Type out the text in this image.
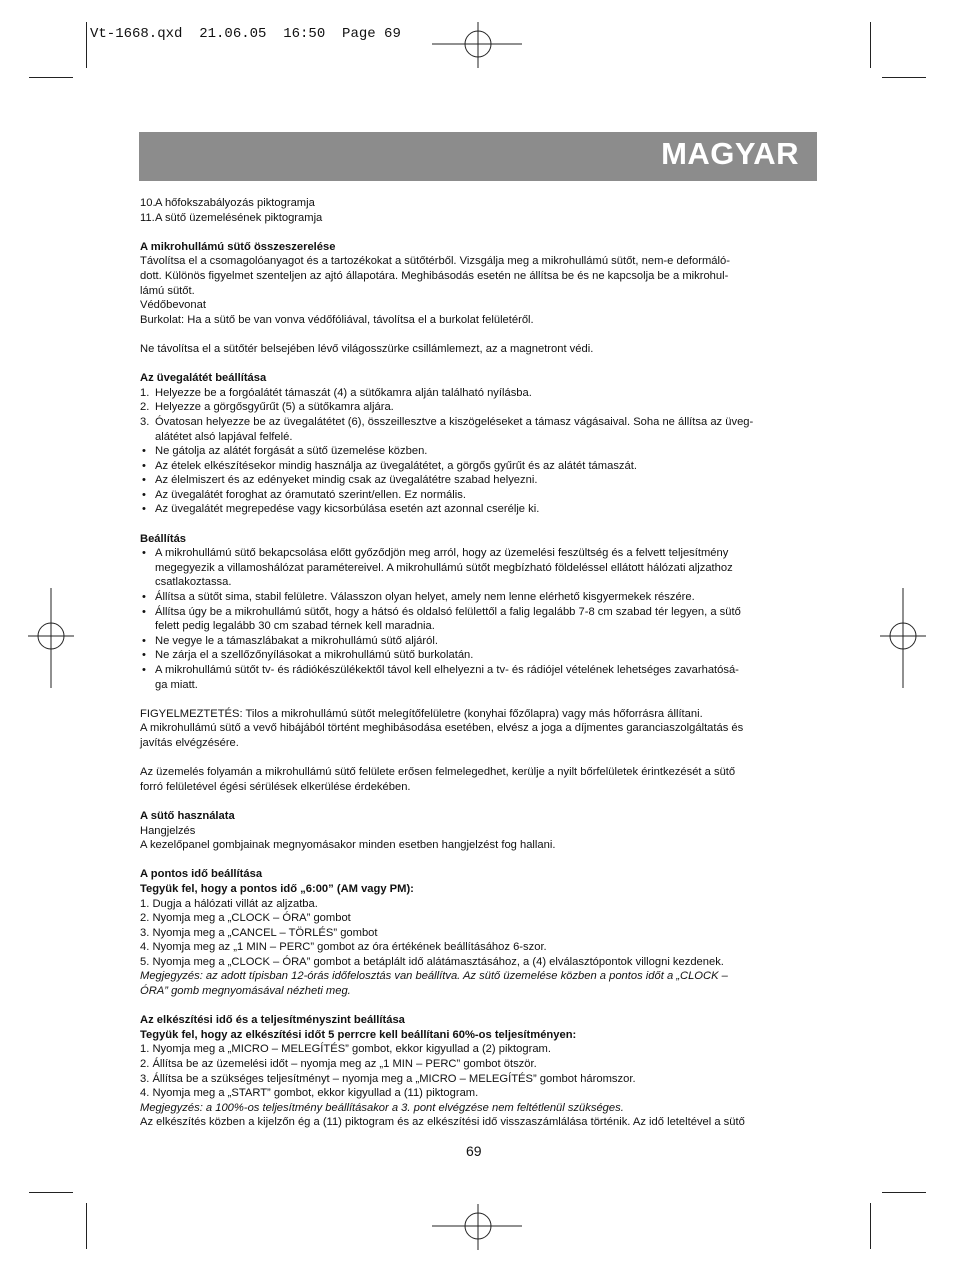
Vt-1668.qxd  21.06.05  16:50  Page 69
MAGYAR
10. A hőfokszabályozás piktogramja
11. A sütő üzemelésének piktogramja
A mikrohullámú sütő összeszerelése
Távolítsa el a csomagolóanyagot és a tartozékokat a sütőtérből. Vizsgálja meg a mikrohullámú sütőt, nem-e deformáló-
dott. Különös figyelmet szenteljen az ajtó állapotára. Meghibásodás esetén ne állítsa be és ne kapcsolja be a mikrohul-
lámú sütőt.
Védőbevonat
Burkolat: Ha a sütő be van vonva védőfóliával, távolítsa el a burkolat felületéről.
Ne távolítsa el a sütőtér belsejében lévő világosszürke csillámlemezt, az a magnetront védi.
Az üvegalátét beállítása
1. Helyezze be a forgóalátét támaszát (4) a sütőkamra alján található nyílásba.
2. Helyezze a görgősgyűrűt (5) a sütőkamra aljára.
3. Óvatosan helyezze be az üvegalátétet (6), összeillesztve a kiszögeléseket a támasz vágásaival. Soha ne állítsa az üveg-
alátétet alsó lapjával felfelé.
• Ne gátolja az alátét forgását a sütő üzemelése közben.
• Az ételek elkészítésekor mindig használja az üvegalátétet, a görgős gyűrűt és az alátét támaszát.
• Az élelmiszert és az edényeket mindig csak az üvegalátétre szabad helyezni.
• Az üvegalátét foroghat az óramutató szerint/ellen. Ez normális.
• Az üvegalátét megrepedése vagy kicsorbúlása esetén azt azonnal cserélje ki.
Beállítás
• A mikrohullámú sütő bekapcsolása előtt győződjön meg arról, hogy az üzemelési feszültség és a felvett teljesítmény
megegyezik a villamoshálózat paramétereivel. A mikrohullámú sütőt megbízható földeléssel ellátott hálózati aljzathoz
csatlakoztassa.
• Állítsa a sütőt sima, stabil felületre. Válasszon olyan helyet, amely nem lenne elérhető kisgyermekek részére.
• Állítsa úgy be a mikrohullámú sütőt, hogy a hátsó és oldalsó felülettől a falig legalább 7-8 cm szabad tér legyen, a sütő
felett pedig legalább 30 cm szabad térnek kell maradnia.
• Ne vegye le a támaszlábakat a mikrohullámú sütő aljáról.
• Ne zárja el a szellőzőnyílásokat a mikrohullámú sütő burkolatán.
• A mikrohullámú sütőt tv- és rádiókészülékektől távol kell elhelyezni a tv- és rádiójel vételének lehetséges zavarhatósá-
ga miatt.
FIGYELMEZTETÉS: Tilos a mikrohullámú sütőt melegítőfelületre (konyhai főzőlapra) vagy más hőforrásra állítani.
A mikrohullámú sütő a vevő hibájából történt meghibásodása esetében, elvész a joga a díjmentes garanciaszolgáltatás és
javítás elvégzésére.
Az üzemelés folyamán a mikrohullámú sütő felülete erősen felmelegedhet, kerülje a nyilt bőrfelületek érintkezését a sütő
forró felületével égési sérülések elkerülése érdekében.
A sütő használata
Hangjelzés
A kezelőpanel gombjainak megnyomásakor minden esetben hangjelzést fog hallani.
A pontos idő beállítása
Tegyük fel, hogy a pontos idő „6:00” (AM vagy PM):
1. Dugja a hálózati villát az aljzatba.
2. Nyomja meg a „CLOCK – ÓRA” gombot
3. Nyomja meg a „CANCEL – TÖRLÉS” gombot
4. Nyomja meg az „1 MIN – PERC” gombot az óra értékének beállításához 6-szor.
5. Nyomja meg a „CLOCK – ÓRA” gombot a betáplált idő alátámasztásához, a (4) elválasztópontok villogni kezdenek.
Megjegyzés: az adott típisban 12-órás időfelosztás van beállítva. Az sütő üzemelése közben a pontos időt a „CLOCK –
ÓRA” gomb megnyomásával nézheti meg.
Az elkészítési idő és a teljesítményszint beállítása
Tegyük fel, hogy az elkészítési időt 5 perrcre kell beállítani 60%-os teljesítményen:
1. Nyomja meg a „MICRO – MELEGÍTÉS” gombot, ekkor kigyullad a (2) piktogram.
2. Állítsa be az üzemelési időt – nyomja meg az „1 MIN – PERC” gombot ötször.
3. Állítsa be a szükséges teljesítményt – nyomja meg a „MICRO – MELEGÍTÉS” gombot háromszor.
4. Nyomja meg a „START” gombot, ekkor kigyullad a (11) piktogram.
Megjegyzés: a 100%-os teljesítmény beállításakor a 3. pont elvégzése nem feltétlenül szükséges.
Az elkészítés közben a kijelzőn ég a (11) piktogram és az elkészítési idő visszaszámlálása történik. Az idő leteltével a sütő
69
